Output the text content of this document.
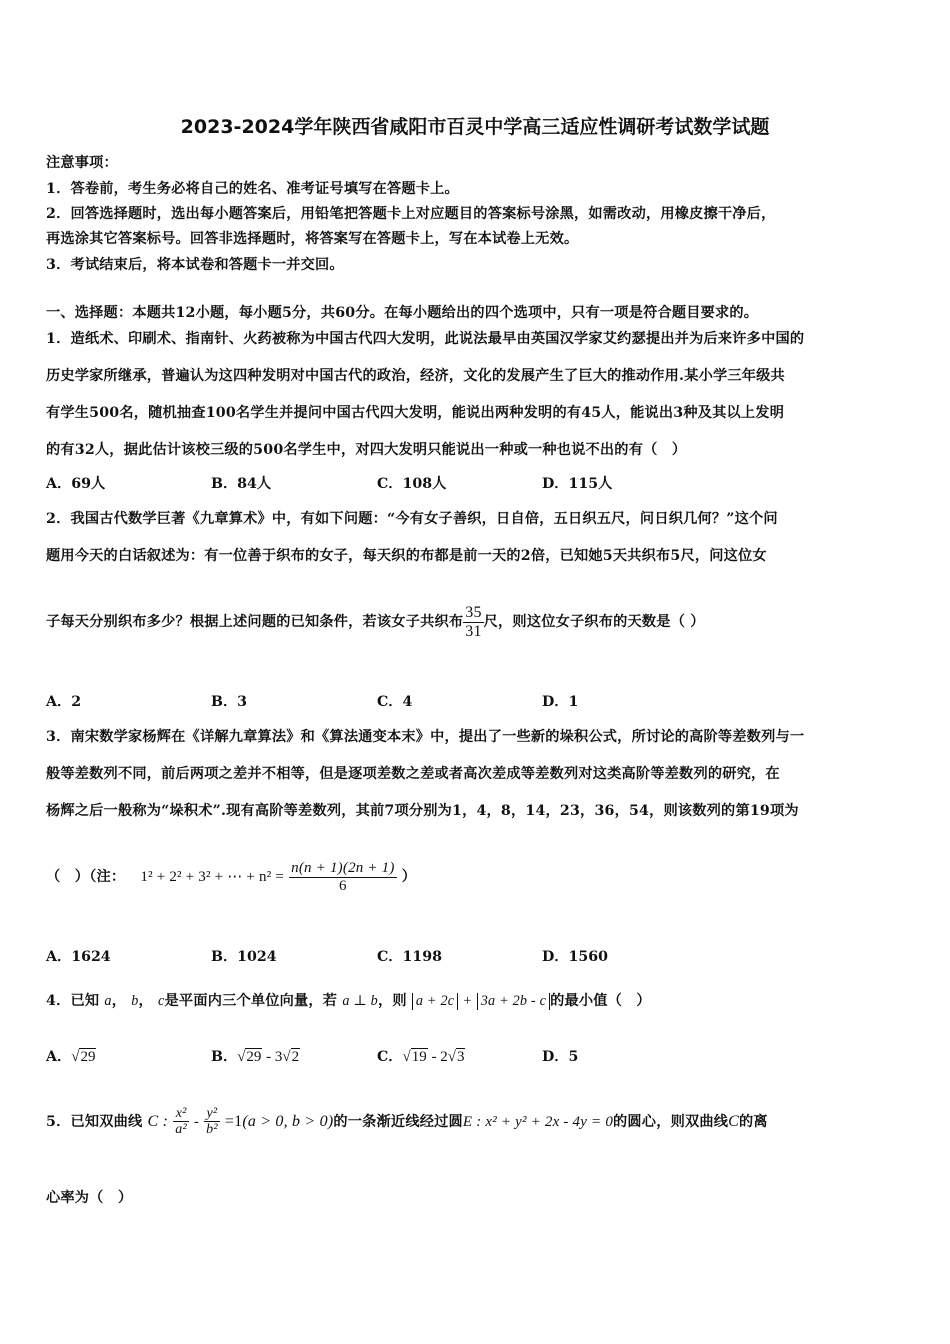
2023-2024学年陕西省咸阳市百灵中学高三适应性调研考试数学试题
注意事项：
1．答卷前，考生务必将自己的姓名、准考证号填写在答题卡上。
2．回答选择题时，选出每小题答案后，用铅笔把答题卡上对应题目的答案标号涂黑，如需改动，用橡皮擦干净后，
再选涂其它答案标号。回答非选择题时，将答案写在答题卡上，写在本试卷上无效。
3．考试结束后，将本试卷和答题卡一并交回。
一、选择题：本题共12小题，每小题5分，共60分。在每小题给出的四个选项中，只有一项是符合题目要求的。
1．造纸术、印刷术、指南针、火药被称为中国古代四大发明，此说法最早由英国汉学家艾约瑟提出并为后来许多中国的
历史学家所继承，普遍认为这四种发明对中国古代的政治，经济，文化的发展产生了巨大的推动作用.某小学三年级共
有学生500名，随机抽查100名学生并提问中国古代四大发明，能说出两种发明的有45人，能说出3种及其以上发明
的有32人，据此估计该校三级的500名学生中，对四大发明只能说出一种或一种也说不出的有（　）
A．69人	B．84人	C．108人	D．115人
2．我国古代数学巨著《九章算术》中，有如下问题：“今有女子善织，日自倍，五日织五尺，问日织几何？”这个问
题用今天的白话叙述为：有一位善于织布的女子，每天织的布都是前一天的2倍，已知她5天共织布5尺，问这位女
子每天分别织布多少？根据上述问题的已知条件，若该女子共织布 $\frac{35}{31}$ 尺，则这位女子织布的天数是（ ）
A．2	B．3	C．4	D．1
3．南宋数学家杨辉在《详解九章算法》和《算法通变本末》中，提出了一些新的垛积公式，所讨论的高阶等差数列与一
般等差数列不同，前后两项之差并不相等，但是逐项差数之差或者高次差成等差数列对这类高阶等差数列的研究，在
杨辉之后一般称为“垛积术”.现有高阶等差数列，其前7项分别为1，4，8，14，23，36，54，则该数列的第19项为
（　）（注： 1² + 2² + 3² + ⋯ + $n^2 = \frac{n(n + 1)(2n + 1)}{6}$ ）
A．1624	B．1024	C．1198	D．1560
4．已知 a， b， c是平面内三个单位向量，若 a ⊥ b，则 a + 2c + 3a + 2b - c 的最小值（　）
A．√29	B．√29 - 3√2	C．√19 - 2√3	D．5
5．已知双曲线 C : $\frac{\text{x²}}{\text{a²}} - \frac{\text{y²}}{\text{b²}} =1(a > 0$, b > 0)的一条渐近线经过圆E : x² + y² + 2x - 4y = 0的圆心，则双曲线C的离
心率为（　）
